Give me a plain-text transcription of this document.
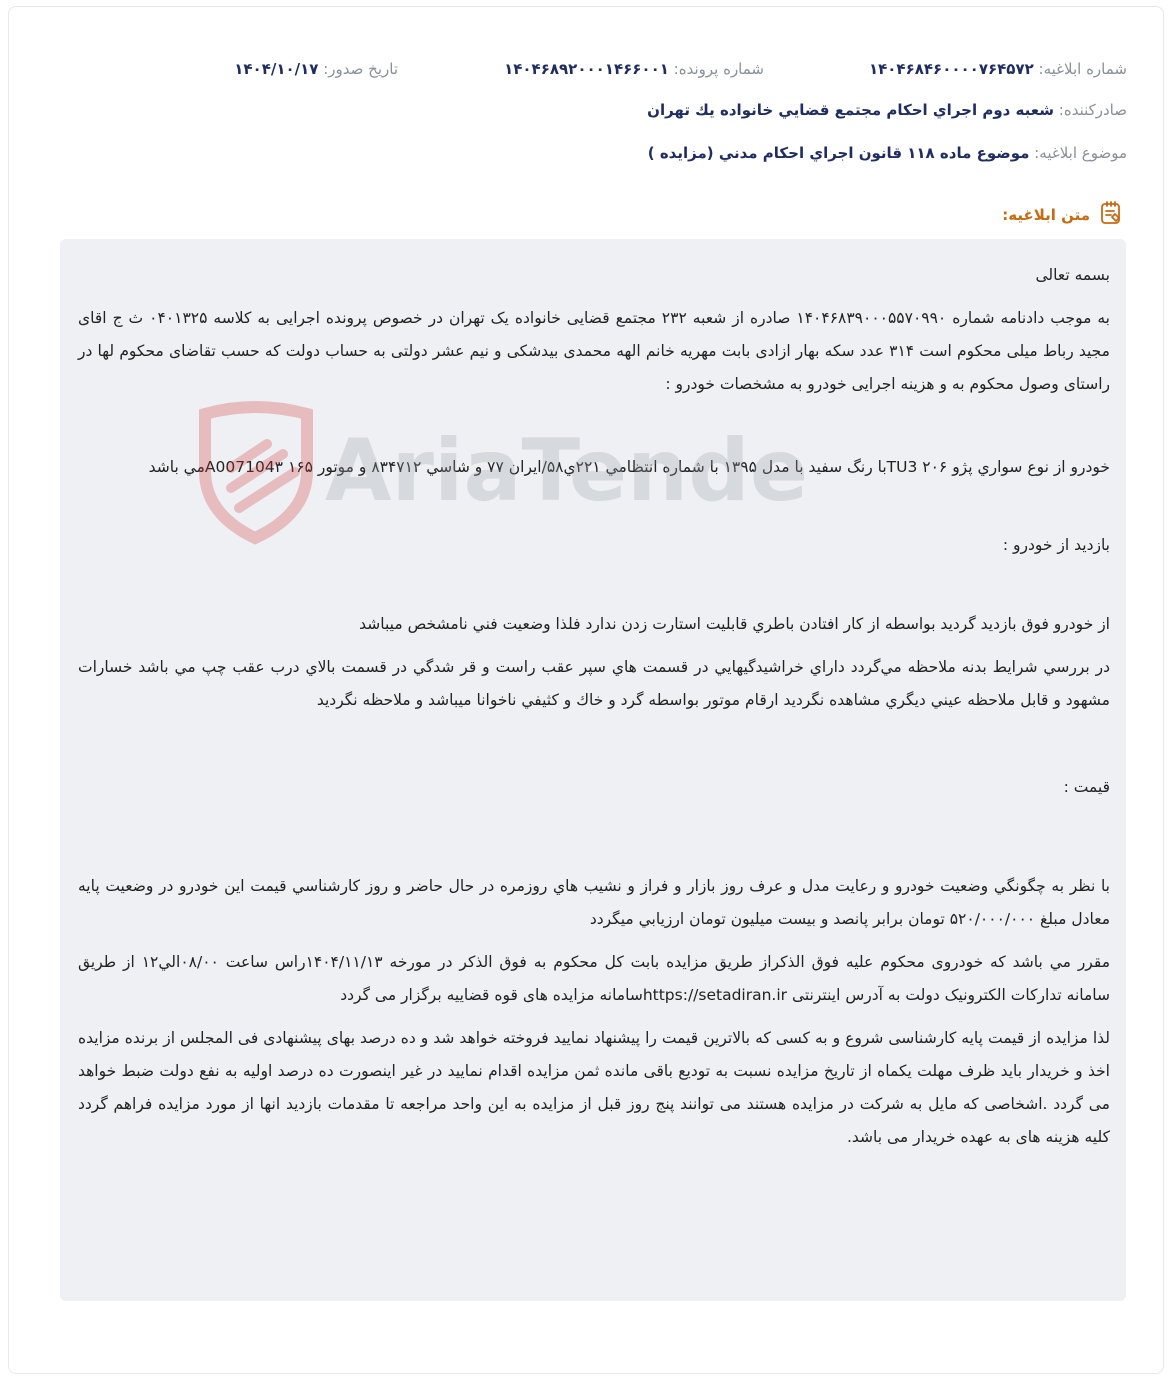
شماره ابلاغیه: ۱۴۰۴۶۸۴۶۰۰۰۰۷۶۴۵۷۲
شماره پرونده: ۱۴۰۴۶۸۹۲۰۰۰۱۴۶۶۰۰۱
تاریخ صدور: ۱۴۰۴/۱۰/۱۷
صادرکننده: شعبه دوم اجراي احكام مجتمع قضايي خانواده يك تهران
موضوع ابلاغیه: موضوع ماده ۱۱۸ قانون اجراي احكام مدني (مزايده )
متن ابلاغیه:

بسمه تعالی

به موجب دادنامه شماره ۱۴۰۴۶۸۳۹۰۰۰۵۵۷۰۹۹۰ صادره از شعبه ۲۳۲ مجتمع قضایی خانواده یک تهران در خصوص پرونده اجرایی به کلاسه ۰۴۰۱۳۲۵ ث ج اقای مجید رباط میلی محکوم است ۳۱۴ عدد سکه بهار ازادی بابت مهریه خانم الهه محمدی بیدشکی و نیم عشر دولتی به حساب دولت که حسب تقاضای محکوم لها در راستای وصول محکوم به و هزینه اجرایی خودرو به مشخصات خودرو :

خودرو از نوع سواري پژو ۲۰۶ TU3با رنگ سفيد با مدل ۱۳۹۵ با شماره انتظامي ۲۲۱ي۵۸/ايران ۷۷ و شاسي ۸۳۴۷۱۲ و موتور ۱۶۵ A007104۳مي باشد

بازدید از خودرو :

از خودرو فوق بازديد گرديد بواسطه از كار افتادن باطري قابليت استارت زدن ندارد فلذا وضعيت فني نامشخص ميباشد

در بررسي شرايط بدنه ملاحظه مي‌گردد داراي خراشيدگيهايي در قسمت هاي سپر عقب راست و قر شدگي در قسمت بالاي درب عقب چپ مي باشد خسارات مشهود و قابل ملاحظه عيني ديگري مشاهده نگرديد ارقام موتور بواسطه گرد و خاك و كثيفي ناخوانا ميباشد و ملاحظه نگرديد

قیمت :

با نظر به چگونگي وضعيت خودرو و رعايت مدل و عرف روز بازار و فراز و نشيب هاي روزمره در حال حاضر و روز كارشناسي قيمت اين خودرو در وضعيت پایه معادل مبلغ ۵۲۰/۰۰۰/۰۰۰ تومان برابر پانصد و بیست میلیون تومان ارزيابي ميگردد

مقرر مي باشد که خودروی محکوم علیه فوق الذکراز طریق مزایده بابت کل محکوم به فوق الذکر در مورخه ۱۴۰۴/۱۱/۱۳راس ساعت ۰۸/۰۰الي۱۲ از طریق سامانه تدارکات الکترونیک دولت به آدرس اینترنتی https://setadiran.irسامانه مزایده های قوه قضاییه برگزار می گردد

لذا مزایده از قیمت پایه کارشناسی شروع و به کسی که بالاترین قیمت را پیشنهاد نمایید فروخته خواهد شد و ده درصد بهای پیشنهادی فی المجلس از برنده مزایده اخذ و خریدار باید ظرف مهلت یکماه از تاریخ مزایده نسبت به تودیع باقی مانده ثمن مزایده اقدام نمایید در غیر اینصورت ده درصد اولیه به نفع دولت ضبط خواهد می گردد .اشخاصی که مایل به شرکت در مزایده هستند می توانند پنج روز قبل از مزایده به این واحد مراجعه تا مقدمات بازدید انها از مورد مزایده فراهم گردد کلیه هزینه های به عهده خریدار می باشد.

AriaTende
